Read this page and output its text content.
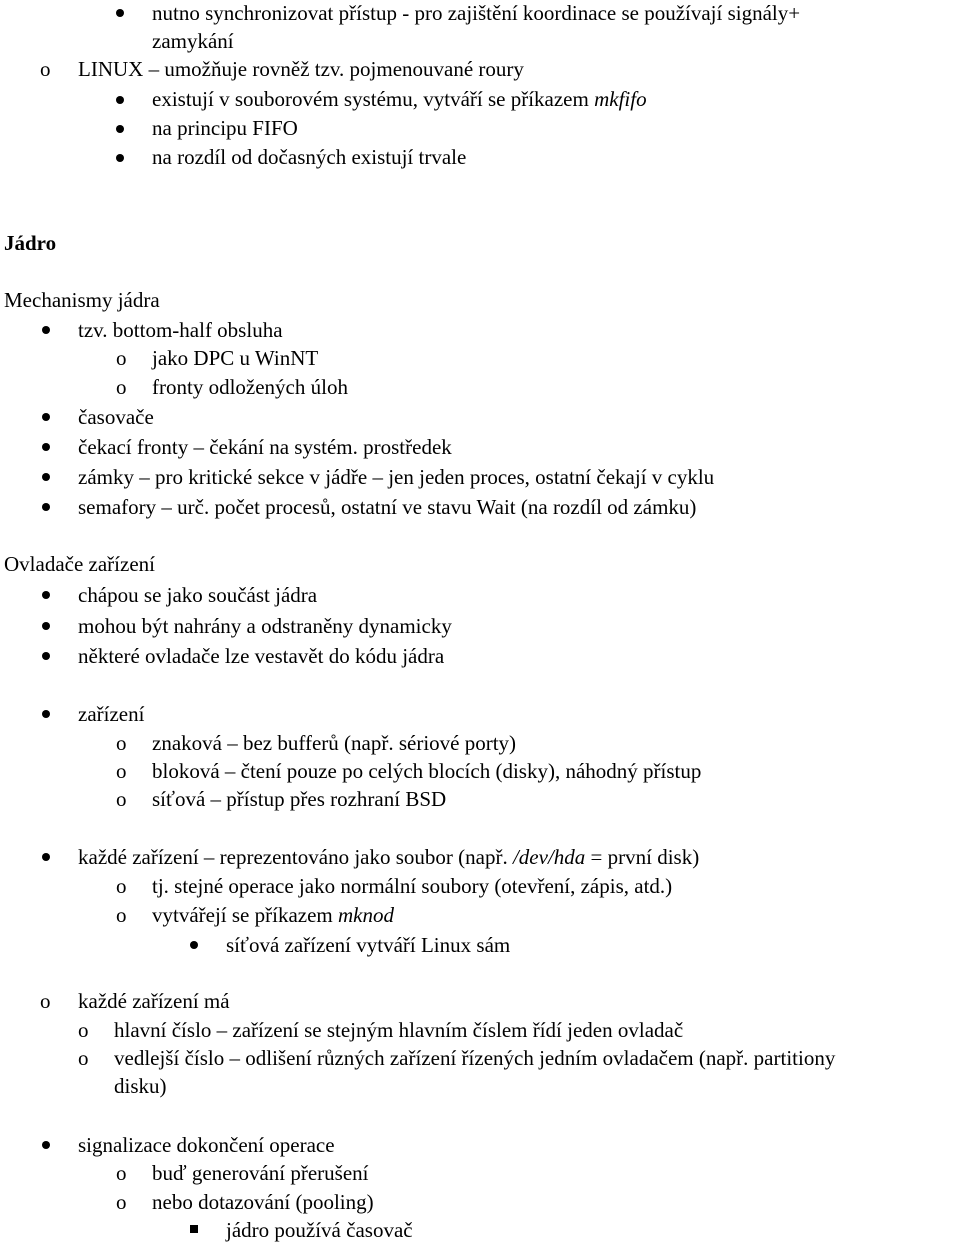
nutno synchronizovat přístup - pro zajištění koordinace se používají signály+
zamykání
o LINUX – umožňuje rovněž tzv. pojmenouvané roury
existují v souborovém systému, vytváří se příkazem mkfifo
na principu FIFO
na rozdíl od dočasných existují trvale
Jádro
Mechanismy jádra
tzv. bottom-half obsluha
o jako DPC u WinNT
o fronty odložených úloh
časovače
čekací fronty – čekání na systém. prostředek
zámky – pro kritické sekce v jádře – jen jeden proces, ostatní čekají v cyklu
semafory – urč. počet procesů, ostatní ve stavu Wait (na rozdíl od zámku)
Ovladače zařízení
chápou se jako součást jádra
mohou být nahrány a odstraněny dynamicky
některé ovladače lze vestavět do kódu jádra
zařízení
o znaková – bez bufferů (např. sériové porty)
o bloková – čtení pouze po celých blocích (disky), náhodný přístup
o síťová – přístup přes rozhraní BSD
každé zařízení – reprezentováno jako soubor (např. /dev/hda = první disk)
o tj. stejné operace jako normální soubory (otevření, zápis, atd.)
o vytvářejí se příkazem mknod
síťová zařízení vytváří Linux sám
o každé zařízení má
o hlavní číslo – zařízení se stejným hlavním číslem řídí jeden ovladač
o vedlejší číslo – odlišení různých zařízení řízených jedním ovladačem (např. partitiony
disku)
signalizace dokončení operace
o buď generování přerušení
o nebo dotazování (pooling)
jádro používá časovač
